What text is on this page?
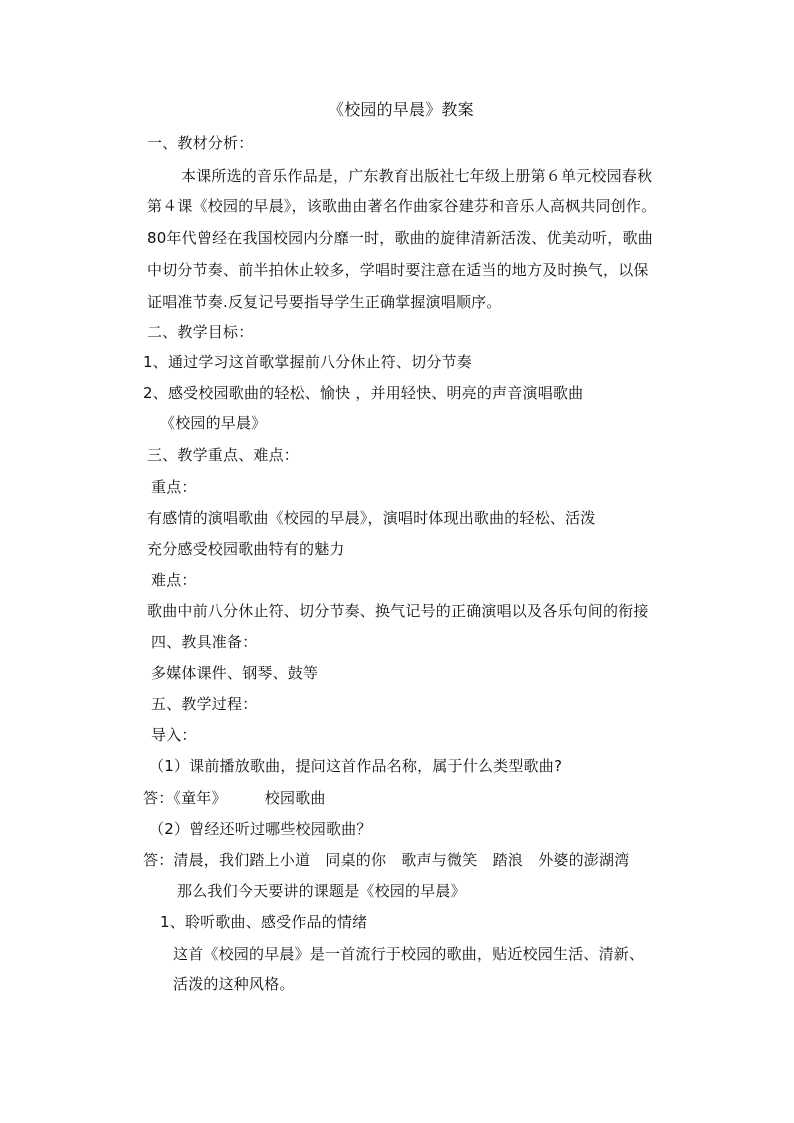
《校园的早晨》教案
一、教材分析：
本课所选的音乐作品是，广东教育出版社七年级上册第６单元校园春秋
第４课《校园的早晨》，该歌曲由著名作曲家谷建芬和音乐人高枫共同创作。
80年代曾经在我国校园内分靡一时，歌曲的旋律清新活泼、优美动听，歌曲
中切分节奏、前半拍休止较多，学唱时要注意在适当的地方及时换气，以保
证唱准节奏.反复记号要指导学生正确掌握演唱顺序。
二、教学目标：
1、通过学习这首歌掌握前八分休止符、切分节奏
2、感受校园歌曲的轻松、愉快 ，并用轻快、明亮的声音演唱歌曲
《校园的早晨》
三、教学重点、难点：
重点：
有感情的演唱歌曲《校园的早晨》，演唱时体现出歌曲的轻松、活泼
充分感受校园歌曲特有的魅力
难点：
歌曲中前八分休止符、切分节奏、换气记号的正确演唱以及各乐句间的衔接
四、教具准备：
多媒体课件、钢琴、鼓等
五、教学过程：
导入：
（1）课前播放歌曲，提问这首作品名称，属于什么类型歌曲?
答：《童年》　　　校园歌曲
（2）曾经还听过哪些校园歌曲？
答：清晨，我们踏上小道　同桌的你　歌声与微笑　踏浪　外婆的澎湖湾
那么我们今天要讲的课题是《校园的早晨》
1、聆听歌曲、感受作品的情绪
这首《校园的早晨》是一首流行于校园的歌曲，贴近校园生活、清新、
活泼的这种风格。
